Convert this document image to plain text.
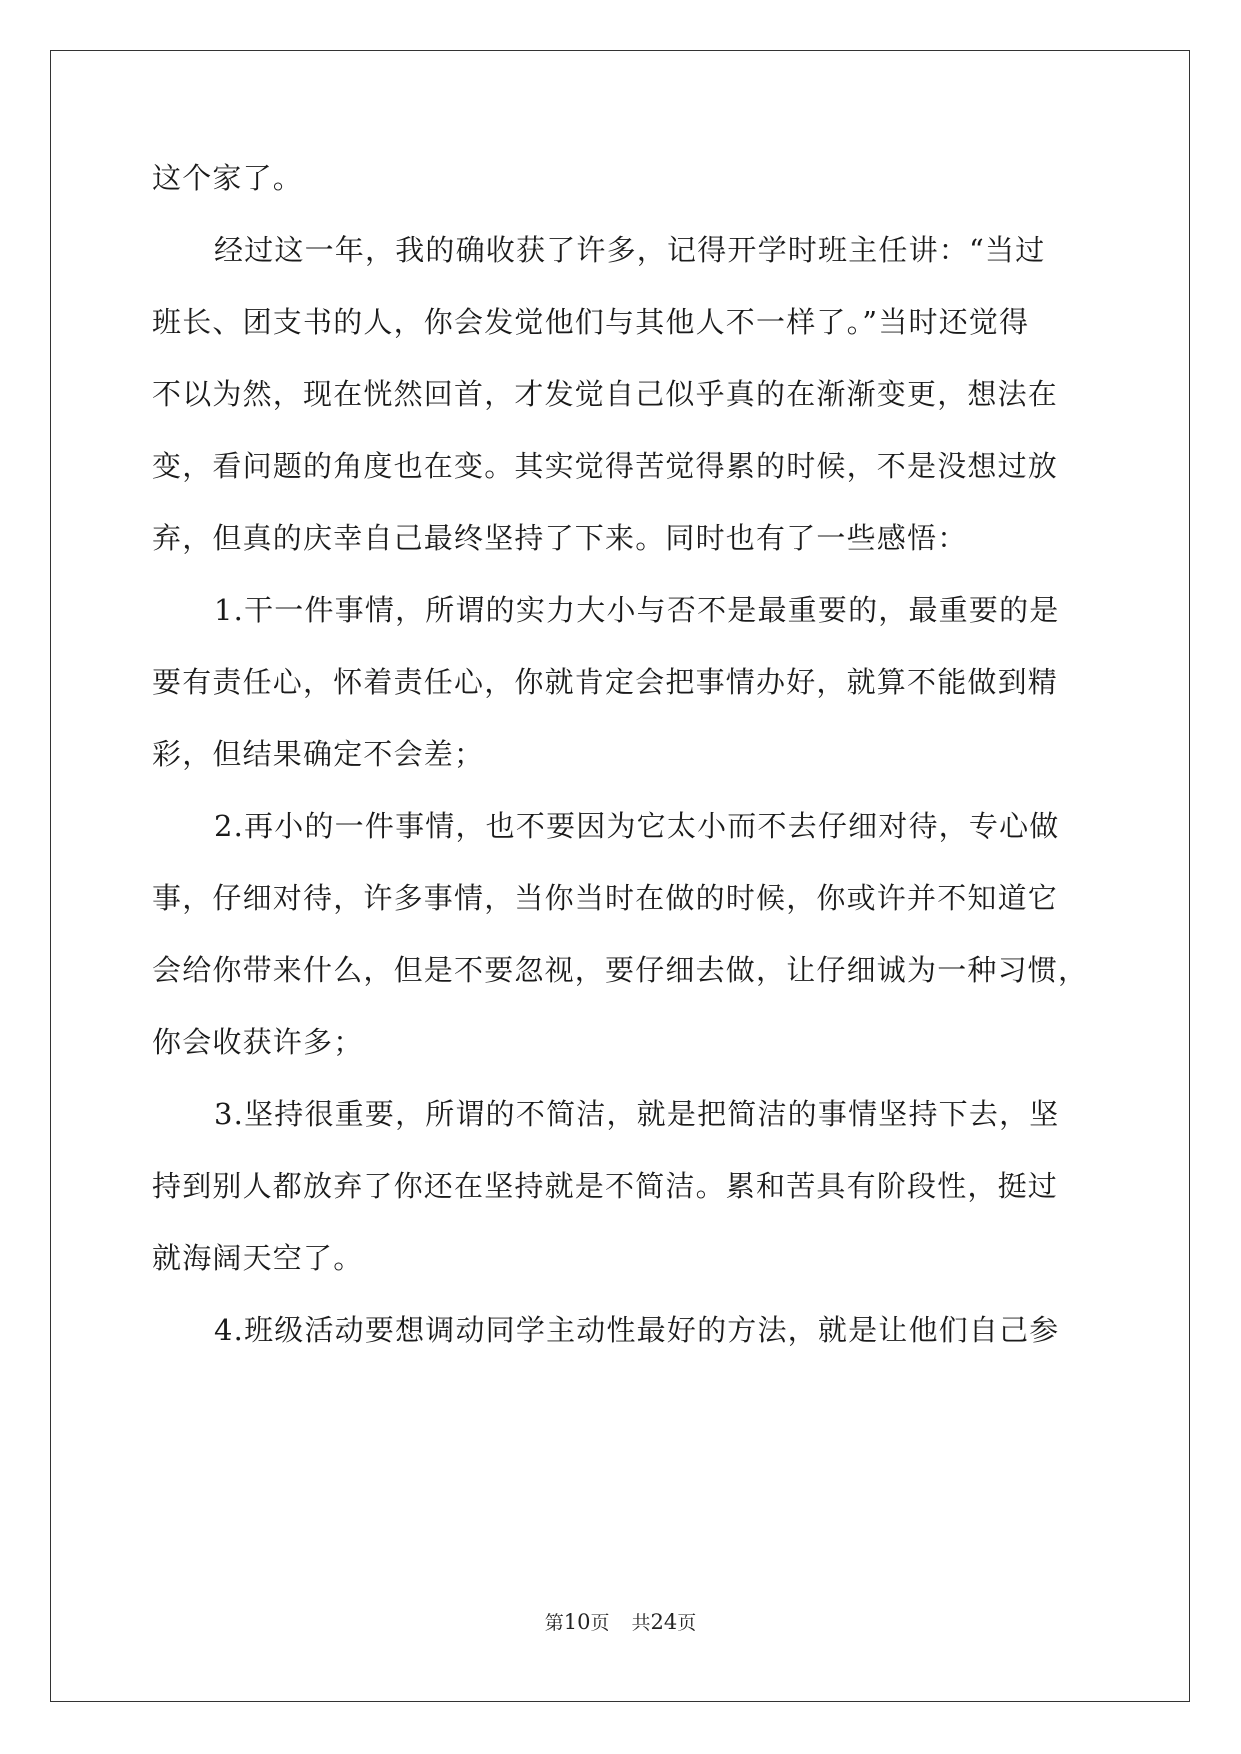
这个家了。
经过这一年，我的确收获了许多，记得开学时班主任讲：“当过
班长、团支书的人，你会发觉他们与其他人不一样了。”当时还觉得
不以为然，现在恍然回首，才发觉自己似乎真的在渐渐变更，想法在
变，看问题的角度也在变。其实觉得苦觉得累的时候，不是没想过放
弃，但真的庆幸自己最终坚持了下来。同时也有了一些感悟：
1.干一件事情，所谓的实力大小与否不是最重要的，最重要的是
要有责任心，怀着责任心，你就肯定会把事情办好，就算不能做到精
彩，但结果确定不会差；
2.再小的一件事情，也不要因为它太小而不去仔细对待，专心做
事，仔细对待，许多事情，当你当时在做的时候，你或许并不知道它
会给你带来什么，但是不要忽视，要仔细去做，让仔细诚为一种习惯，
你会收获许多；
3.坚持很重要，所谓的不简洁，就是把简洁的事情坚持下去，坚
持到别人都放弃了你还在坚持就是不简洁。累和苦具有阶段性，挺过
就海阔天空了。
4.班级活动要想调动同学主动性最好的方法，就是让他们自己参
第10页 共24页
